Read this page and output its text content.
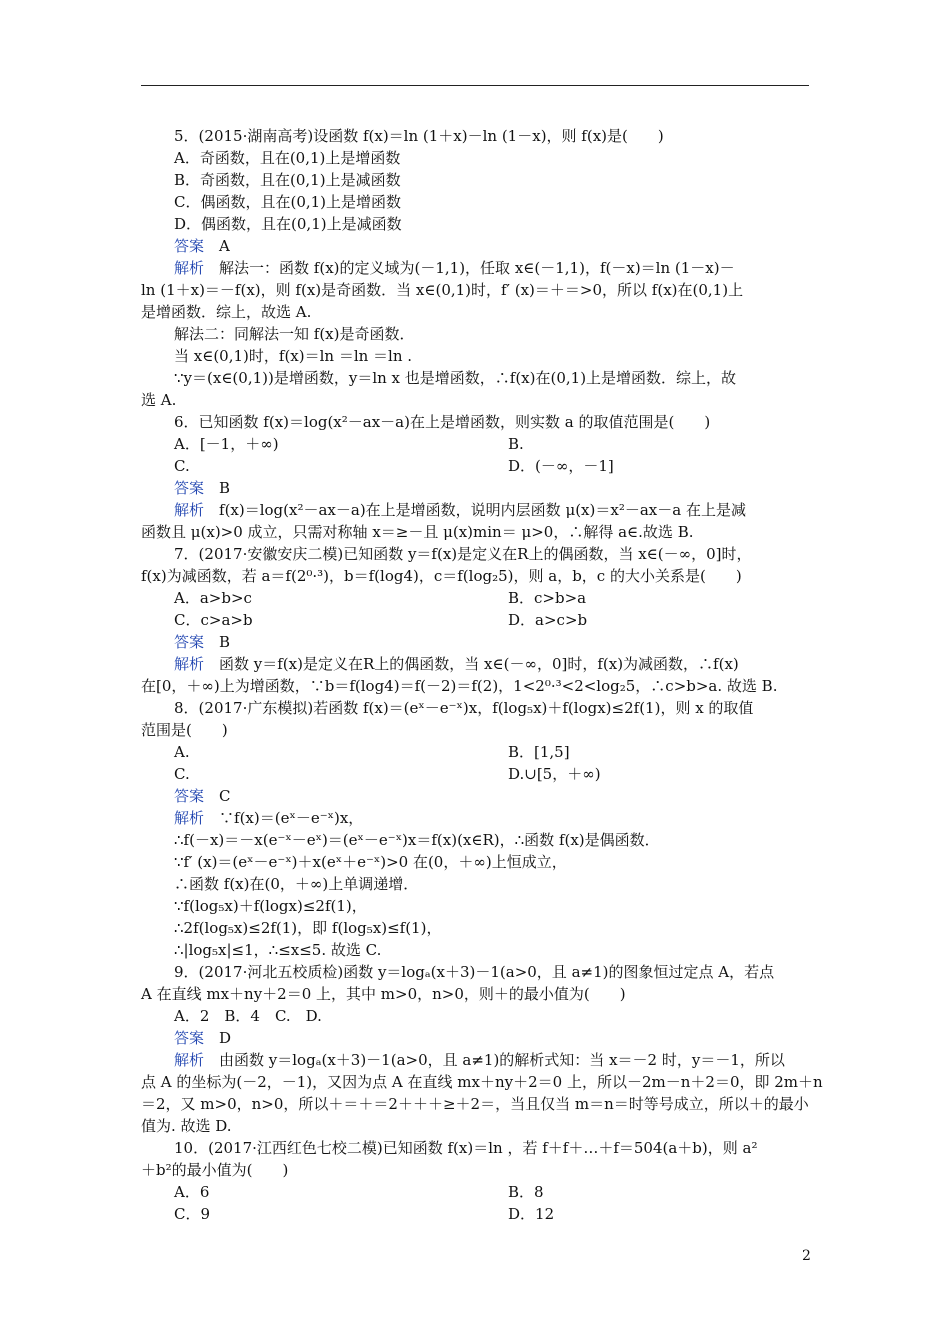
5．(2015·湖南高考)设函数 f(x)＝ln (1＋x)－ln (1－x)，则 f(x)是(　　)
A．奇函数，且在(0,1)上是增函数
B．奇函数，且在(0,1)上是减函数
C．偶函数，且在(0,1)上是增函数
D．偶函数，且在(0,1)上是减函数
答案　A
解析　解法一：函数 f(x)的定义域为(－1,1)，任取 x∈(－1,1)，f(－x)＝ln (1－x)－
ln (1＋x)＝－f(x)，则 f(x)是奇函数．当 x∈(0,1)时，f′ (x)＝＋＝>0，所以 f(x)在(0,1)上
是增函数．综上，故选 A.
解法二：同解法一知 f(x)是奇函数．
当 x∈(0,1)时，f(x)＝ln ＝ln ＝ln .
∵y＝(x∈(0,1))是增函数，y＝ln x 也是增函数，∴f(x)在(0,1)上是增函数．综上，故
选 A.
6．已知函数 f(x)＝log(x²－ax－a)在上是增函数，则实数 a 的取值范围是(　　)
A．[－1，＋∞)	B.
C.	D．(－∞，－1]
答案　B
解析　f(x)＝log(x²－ax－a)在上是增函数，说明内层函数 μ(x)＝x²－ax－a 在上是减
函数且 μ(x)>0 成立，只需对称轴 x＝≥－且 μ(x)min＝ μ>0，∴解得 a∈.故选 B.
7．(2017·安徽安庆二模)已知函数 y＝f(x)是定义在R上的偶函数，当 x∈(－∞，0]时，
f(x)为减函数，若 a＝f(2⁰·³)，b＝f(log4)，c＝f(log₂5)，则 a，b，c 的大小关系是(　　)
A．a>b>c	B．c>b>a
C．c>a>b	D．a>c>b
答案　B
解析　函数 y＝f(x)是定义在R上的偶函数，当 x∈(－∞，0]时，f(x)为减函数，∴f(x)
在[0，＋∞)上为增函数，∵b＝f(log4)＝f(－2)＝f(2)，1<2⁰·³<2<log₂5，∴c>b>a. 故选 B.
8．(2017·广东模拟)若函数 f(x)＝(eˣ－e⁻ˣ)x，f(log₅x)＋f(logx)≤2f(1)，则 x 的取值
范围是(　　)
A.	B．[1,5]
C.	D.∪[5，＋∞)
答案　C
解析　∵f(x)＝(eˣ－e⁻ˣ)x，
∴f(－x)＝－x(e⁻ˣ－eˣ)＝(eˣ－e⁻ˣ)x＝f(x)(x∈R)，∴函数 f(x)是偶函数．
∵f′ (x)＝(eˣ－e⁻ˣ)＋x(eˣ＋e⁻ˣ)>0 在(0，＋∞)上恒成立，
∴函数 f(x)在(0，＋∞)上单调递增．
∵f(log₅x)＋f(logx)≤2f(1)，
∴2f(log₅x)≤2f(1)，即 f(log₅x)≤f(1)，
∴|log₅x|≤1，∴≤x≤5. 故选 C.
9．(2017·河北五校质检)函数 y＝logₐ(x＋3)－1(a>0，且 a≠1)的图象恒过定点 A，若点
A 在直线 mx＋ny＋2＝0 上，其中 m>0，n>0，则＋的最小值为(　　)
A．2　B．4　C.　D.
答案　D
解析　由函数 y＝logₐ(x＋3)－1(a>0，且 a≠1)的解析式知：当 x＝－2 时，y＝－1，所以
点 A 的坐标为(－2，－1)，又因为点 A 在直线 mx＋ny＋2＝0 上，所以－2m－n＋2＝0，即 2m＋n
＝2，又 m>0，n>0，所以＋＝＋＝2＋＋＋≥＋2＝，当且仅当 m＝n＝时等号成立，所以＋的最小
值为. 故选 D.
10．(2017·江西红色七校二模)已知函数 f(x)＝ln ，若 f＋f＋…＋f＝504(a＋b)，则 a²
＋b²的最小值为(　　)
A．6	B．8
C．9	D．12
2
